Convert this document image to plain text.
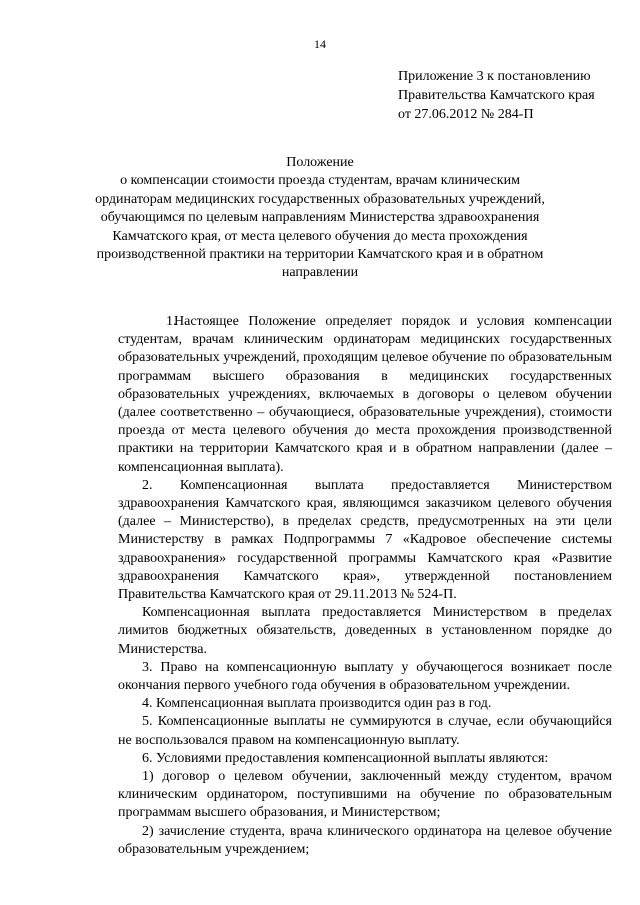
14
Приложение 3 к постановлению
Правительства Камчатского края
от 27.06.2012 № 284-П
Положение
о компенсации стоимости проезда студентам, врачам клиническим ординаторам медицинских государственных образовательных учреждений, обучающимся по целевым направлениям Министерства здравоохранения Камчатского края, от места целевого обучения до места прохождения производственной практики на территории Камчатского края и в обратном направлении

1.Настоящее Положение определяет порядок и условия компенсации студентам, врачам клиническим ординаторам медицинских государственных образовательных учреждений, проходящим целевое обучение по образовательным программам высшего образования в медицинских государственных образовательных учреждениях, включаемых в договоры о целевом обучении (далее соответственно – обучающиеся, образовательные учреждения), стоимости проезда от места целевого обучения до места прохождения производственной практики на территории Камчатского края и в обратном направлении (далее – компенсационная выплата).

2. Компенсационная выплата предоставляется Министерством здравоохранения Камчатского края, являющимся заказчиком целевого обучения (далее – Министерство), в пределах средств, предусмотренных на эти цели Министерству в рамках Подпрограммы 7 «Кадровое обеспечение системы здравоохранения» государственной программы Камчатского края «Развитие здравоохранения Камчатского края», утвержденной постановлением Правительства Камчатского края от 29.11.2013 № 524-П.

Компенсационная выплата предоставляется Министерством в пределах лимитов бюджетных обязательств, доведенных в установленном порядке до Министерства.

3. Право на компенсационную выплату у обучающегося возникает после окончания первого учебного года обучения в образовательном учреждении.

4. Компенсационная выплата производится один раз в год.

5. Компенсационные выплаты не суммируются в случае, если обучающийся не воспользовался правом на компенсационную выплату.

6. Условиями предоставления компенсационной выплаты являются:

1) договор о целевом обучении, заключенный между студентом, врачом клиническим ординатором, поступившими на обучение по образовательным программам высшего образования, и Министерством;

2) зачисление студента, врача клинического ординатора на целевое обучение образовательным учреждением;
